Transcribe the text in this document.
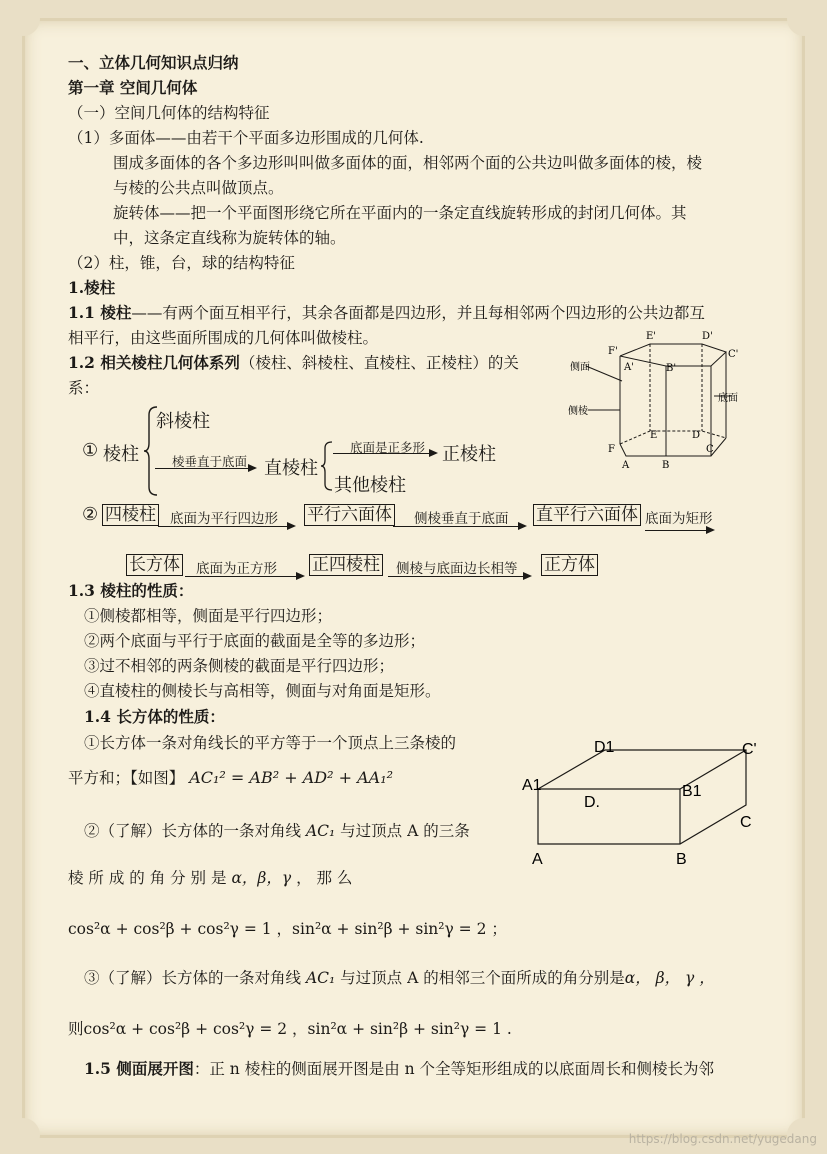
一、立体几何知识点归纳
第一章 空间几何体
（一）空间几何体的结构特征
（1）多面体——由若干个平面多边形围成的几何体.
围成多面体的各个多边形叫叫做多面体的面，相邻两个面的公共边叫做多面体的棱，棱
与棱的公共点叫做顶点。
旋转体——把一个平面图形绕它所在平面内的一条定直线旋转形成的封闭几何体。其
中，这条定直线称为旋转体的轴。
（2）柱，锥，台，球的结构特征
1.棱柱
1.1 棱柱——有两个面互相平行，其余各面都是四边形，并且每相邻两个四边形的公共边都互
相平行，由这些面所围成的几何体叫做棱柱。
1.2 相关棱柱几何体系列（棱柱、斜棱柱、直棱柱、正棱柱）的关
系：
侧面
侧棱
底面
E'	D'
F'	C'
A'	B'
E	D
F	C
A	B
① 棱柱
斜棱柱
棱垂直于底面 直棱柱
底面是正多形 正棱柱
其他棱柱
② 四棱柱 底面为平行四边形 平行六面体 侧棱垂直于底面 直平行六面体 底面为矩形
长方体 底面为正方形 正四棱柱 侧棱与底面边长相等 正方体
1.3 棱柱的性质：
①侧棱都相等，侧面是平行四边形；
②两个底面与平行于底面的截面是全等的多边形；
③过不相邻的两条侧棱的截面是平行四边形；
④直棱柱的侧棱长与高相等，侧面与对角面是矩形。
1.4 长方体的性质：
①长方体一条对角线长的平方等于一个顶点上三条棱的
平方和；【如图】 AC₁² = AB² + AD² + AA₁²
②（了解）长方体的一条对角线 AC₁ 与过顶点 A 的三条
棱 所 成 的 角 分 别 是 α，β，γ ， 那 么
cos²α + cos²β + cos²γ = 1 ，sin²α + sin²β + sin²γ = 2 ；
D1	C'
A1	B1
D.
C
A	B
③（了解）长方体的一条对角线 AC₁ 与过顶点 A 的相邻三个面所成的角分别是α， β， γ ，
则cos²α + cos²β + cos²γ = 2 ，sin²α + sin²β + sin²γ = 1 .
1.5 侧面展开图：正 n 棱柱的侧面展开图是由 n 个全等矩形组成的以底面周长和侧棱长为邻
https://blog.csdn.net/yugedang
